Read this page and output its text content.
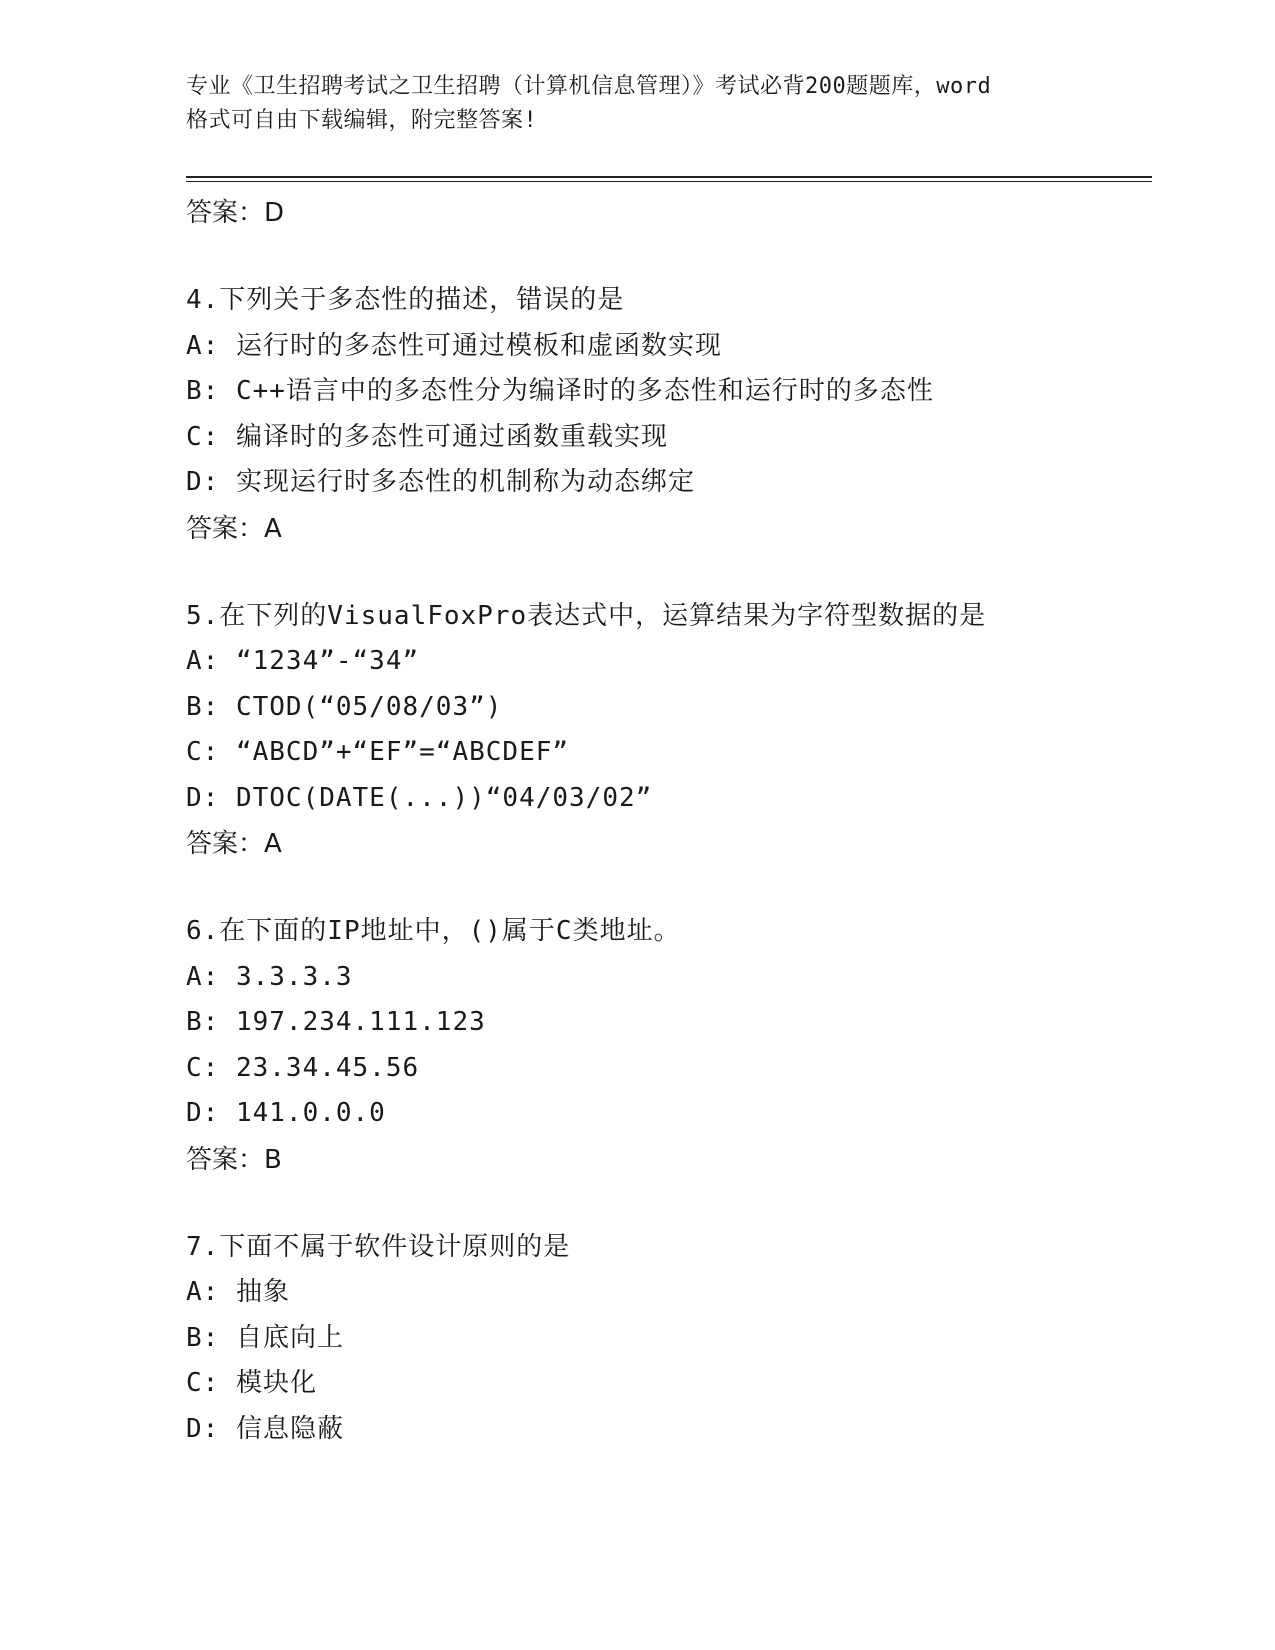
专业《卫生招聘考试之卫生招聘（计算机信息管理）》考试必背200题题库，word
格式可自由下载编辑，附完整答案!

答案：D

4.下列关于多态性的描述，错误的是

A: 运行时的多态性可通过模板和虚函数实现

B: C++语言中的多态性分为编译时的多态性和运行时的多态性

C: 编译时的多态性可通过函数重载实现

D: 实现运行时多态性的机制称为动态绑定

答案：A

5.在下列的VisualFoxPro表达式中，运算结果为字符型数据的是

A: “1234”-“34”

B: CTOD(“05/08/03”)

C: “ABCD”+“EF”=“ABCDEF”

D: DTOC(DATE(...))“04/03/02”

答案：A

6.在下面的IP地址中，()属于C类地址。

A: 3.3.3.3

B: 197.234.111.123

C: 23.34.45.56

D: 141.0.0.0

答案：B

7.下面不属于软件设计原则的是

A: 抽象

B: 自底向上

C: 模块化

D: 信息隐蔽
